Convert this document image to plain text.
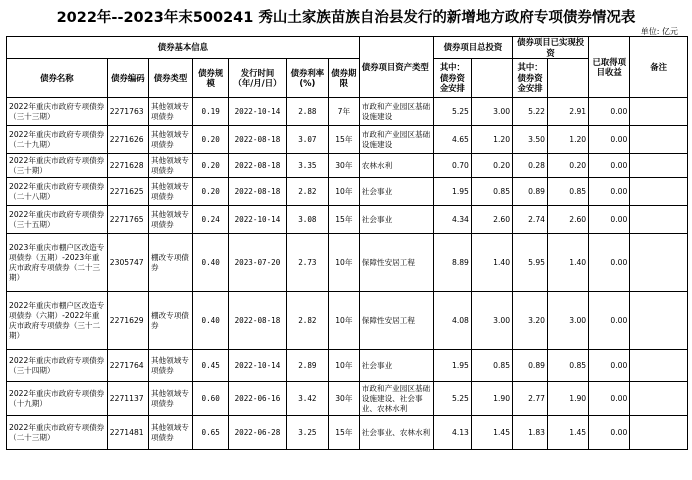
2022年--2023年末500241 秀山土家族苗族自治县发行的新增地方政府专项债券情况表
单位: 亿元
债券基本信息							债券项目资产类型	债券项目总投资		债券项目已实现投资		已取得项目收益	备注
债券名称	债券编码	债券类型	债券规模	发行时间（年/月/日）	债券利率(%)	债券期限		其中：债券资金安排		其中：债券资金安排			
2022年重庆市政府专项债券（三十三期）	2271763	其他领域专项债券	0.19	2022-10-14	2.88	7年	市政和产业园区基础设施建设	5.25	3.00	5.22	2.91	0.00	
2022年重庆市政府专项债券（二十九期）	2271626	其他领域专项债券	0.20	2022-08-18	3.07	15年	市政和产业园区基础设施建设	4.65	1.20	3.50	1.20	0.00	
2022年重庆市政府专项债券（三十期）	2271628	其他领域专项债券	0.20	2022-08-18	3.35	30年	农林水利	0.70	0.20	0.28	0.20	0.00	
2022年重庆市政府专项债券（二十八期）	2271625	其他领域专项债券	0.20	2022-08-18	2.82	10年	社会事业	1.95	0.85	0.89	0.85	0.00	
2022年重庆市政府专项债券（三十五期）	2271765	其他领域专项债券	0.24	2022-10-14	3.08	15年	社会事业	4.34	2.60	2.74	2.60	0.00	
2023年重庆市棚户区改造专项债券（五期）-2023年重庆市政府专项债券（二十三期）	2305747	棚改专项债券	0.40	2023-07-20	2.73	10年	保障性安居工程	8.89	1.40	5.95	1.40	0.00	
2022年重庆市棚户区改造专项债券（六期）-2022年重庆市政府专项债券（三十二期）	2271629	棚改专项债券	0.40	2022-08-18	2.82	10年	保障性安居工程	4.08	3.00	3.20	3.00	0.00	
2022年重庆市政府专项债券（三十四期）	2271764	其他领域专项债券	0.45	2022-10-14	2.89	10年	社会事业	1.95	0.85	0.89	0.85	0.00	
2022年重庆市政府专项债券（十九期）	2271137	其他领域专项债券	0.60	2022-06-16	3.42	30年	市政和产业园区基础设施建设、社会事业、农林水利	5.25	1.90	2.77	1.90	0.00	
2022年重庆市政府专项债券（二十三期）	2271481	其他领域专项债券	0.65	2022-06-28	3.25	15年	社会事业、农林水利	4.13	1.45	1.83	1.45	0.00	
